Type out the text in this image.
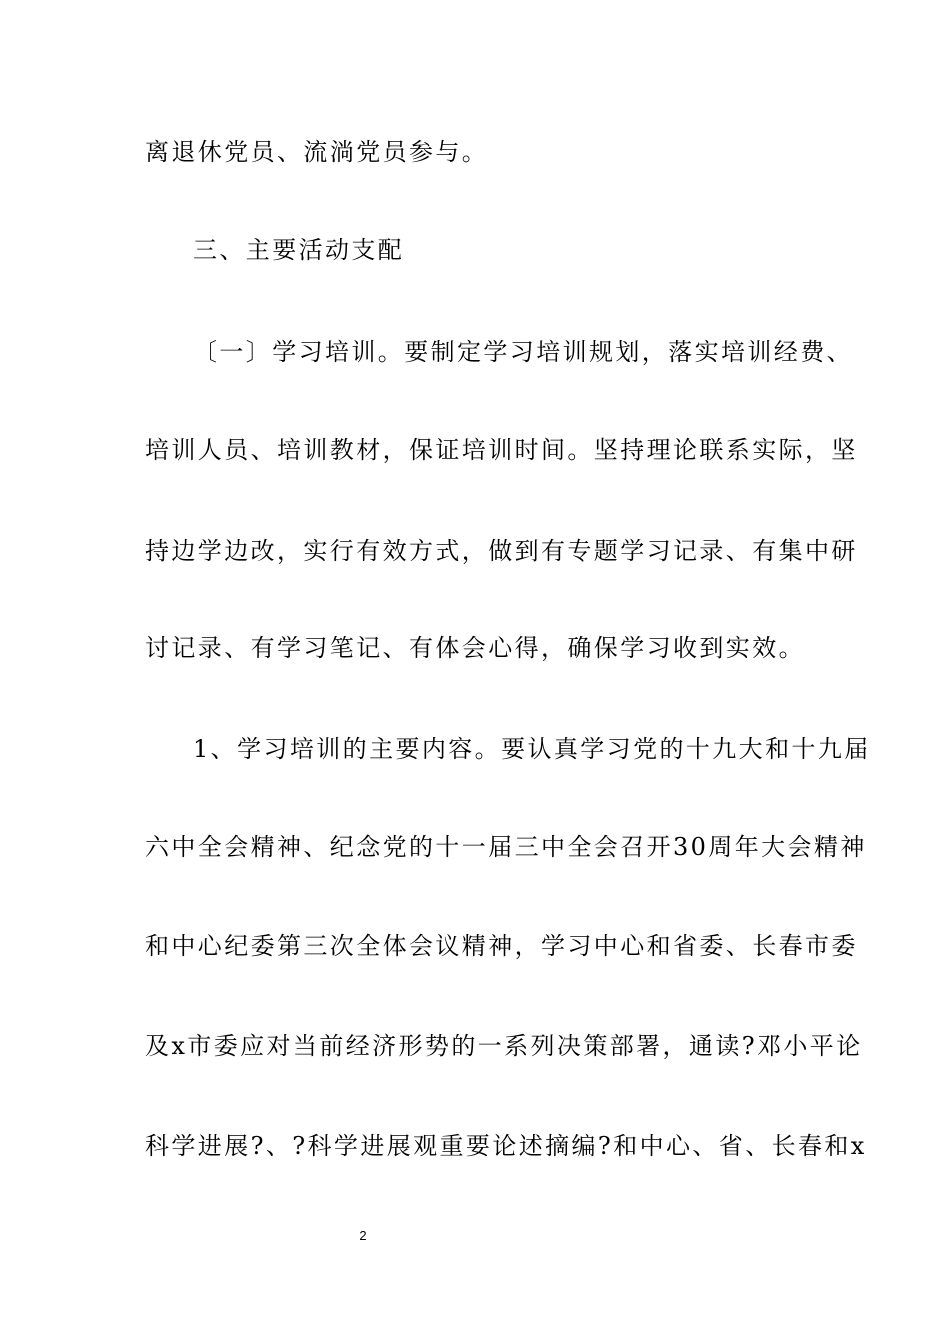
离退休党员、流淌党员参与。
三、主要活动支配
〔一〕学习培训。要制定学习培训规划，落实培训经费、
培训人员、培训教材，保证培训时间。坚持理论联系实际，坚
持边学边改，实行有效方式，做到有专题学习记录、有集中研
讨记录、有学习笔记、有体会心得，确保学习收到实效。
1、学习培训的主要内容。要认真学习党的十九大和十九届
六中全会精神、纪念党的十一届三中全会召开30周年大会精神
和中心纪委第三次全体会议精神，学习中心和省委、长春市委
及x市委应对当前经济形势的一系列决策部署，通读?邓小平论
科学进展?、?科学进展观重要论述摘编?和中心、省、长春和x
2
